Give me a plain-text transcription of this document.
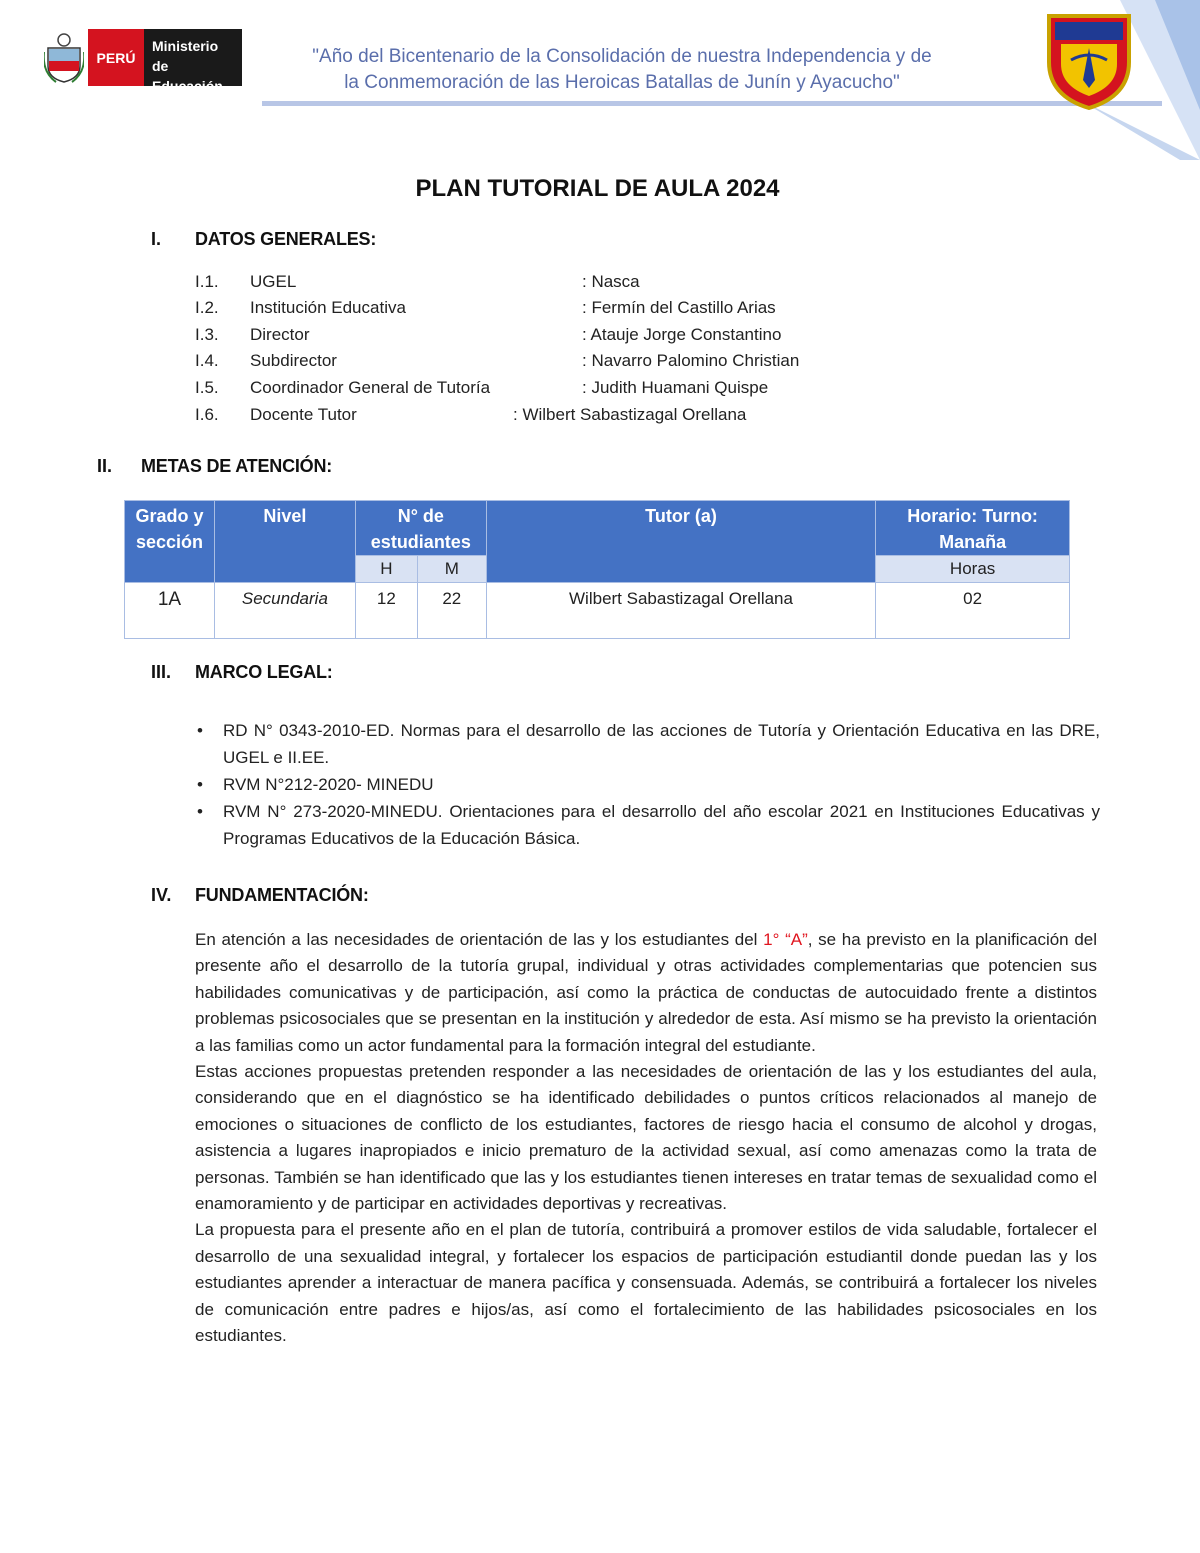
PERÚ
Ministerio
de Educación
"Año del Bicentenario de la Consolidación de nuestra Independencia y de
la Conmemoración de las Heroicas Batallas de Junín y Ayacucho"
PLAN TUTORIAL DE AULA 2024
I. DATOS GENERALES:
I.1. UGEL	: Nasca
I.2. Institución Educativa	: Fermín del Castillo Arias
I.3. Director	: Atauje Jorge Constantino
I.4. Subdirector	: Navarro Palomino Christian
I.5. Coordinador General de Tutoría	: Judith Huamani Quispe
I.6. Docente Tutor	: Wilbert Sabastizagal Orellana
II. METAS DE ATENCIÓN:
Grado y sección	Nivel	N° de estudiantes		Tutor (a)	Horario: Turno: Manaña
		H	M		Horas
1A	Secundaria	12	22	Wilbert Sabastizagal Orellana	02
III. MARCO LEGAL:
• RD N° 0343-2010-ED. Normas para el desarrollo de las acciones de Tutoría y Orientación Educativa en las DRE, UGEL e II.EE.
• RVM N°212-2020- MINEDU
• RVM N° 273-2020-MINEDU. Orientaciones para el desarrollo del año escolar 2021 en Instituciones Educativas y Programas Educativos de la Educación Básica.
IV. FUNDAMENTACIÓN:

En atención a las necesidades de orientación de las y los estudiantes del 1° “A”, se ha previsto en la planificación del presente año el desarrollo de la tutoría grupal, individual y otras actividades complementarias que potencien sus habilidades comunicativas y de participación, así como la práctica de conductas de autocuidado frente a distintos problemas psicosociales que se presentan en la institución y alrededor de esta. Así mismo se ha previsto la orientación a las familias como un actor fundamental para la formación integral del estudiante.

Estas acciones propuestas pretenden responder a las necesidades de orientación de las y los estudiantes del aula, considerando que en el diagnóstico se ha identificado debilidades o puntos críticos relacionados al manejo de emociones o situaciones de conflicto de los estudiantes, factores de riesgo hacia el consumo de alcohol y drogas, asistencia a lugares inapropiados e inicio prematuro de la actividad sexual, así como amenazas como la trata de personas. También se han identificado que las y los estudiantes tienen intereses en tratar temas de sexualidad como el enamoramiento y de participar en actividades deportivas y recreativas.

La propuesta para el presente año en el plan de tutoría, contribuirá a promover estilos de vida saludable, fortalecer el desarrollo de una sexualidad integral, y fortalecer los espacios de participación estudiantil donde puedan las y los estudiantes aprender a interactuar de manera pacífica y consensuada. Además, se contribuirá a fortalecer los niveles de comunicación entre padres e hijos/as, así como el fortalecimiento de las habilidades psicosociales en los estudiantes.
